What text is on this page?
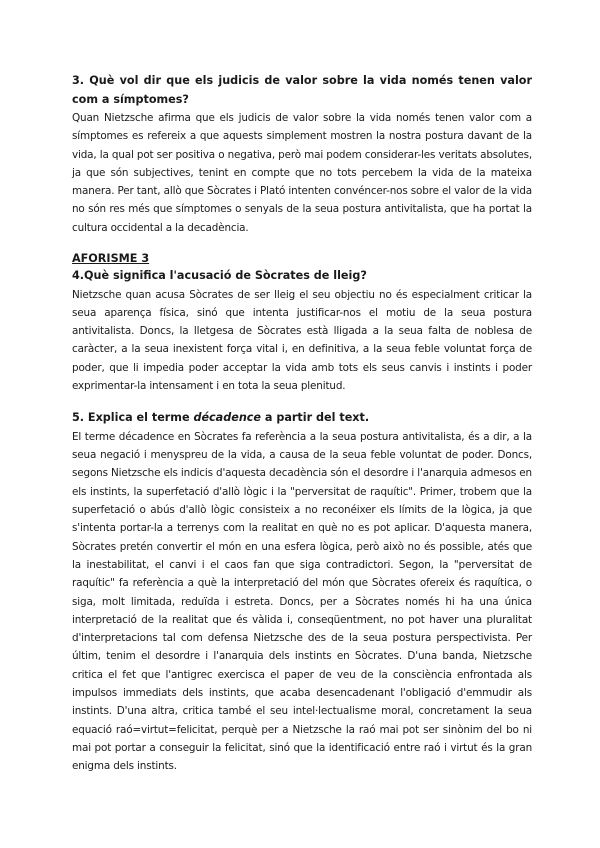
3. Què vol dir que els judicis de valor sobre la vida només tenen valor com a símptomes?

Quan Nietzsche afirma que els judicis de valor sobre la vida només tenen valor com a símptomes es refereix a que aquests simplement mostren la nostra postura davant de la vida, la qual pot ser positiva o negativa, però mai podem considerar-les veritats absolutes, ja que són subjectives, tenint en compte que no tots percebem la vida de la mateixa manera. Per tant, allò que Sòcrates i Plató intenten convéncer-nos sobre el valor de la vida no són res més que símptomes o senyals de la seua postura antivitalista, que ha portat la cultura occidental a la decadència.

AFORISME 3

4.Què significa l'acusació de Sòcrates de lleig?

Nietzsche quan acusa Sòcrates de ser lleig el seu objectiu no és especialment criticar la seua aparença física, sinó que intenta justificar-nos el motiu de la seua postura antivitalista. Doncs, la lletgesa de Sòcrates està lligada a la seua falta de noblesa de caràcter, a la seua inexistent força vital i, en definitiva, a la seua feble voluntat força de poder, que li impedia poder acceptar la vida amb tots els seus canvis i instints i poder exprimentar-la intensament i en tota la seua plenitud.

5. Explica el terme décadence a partir del text.

El terme décadence en Sòcrates fa referència a la seua postura antivitalista, és a dir, a la seua negació i menyspreu de la vida, a causa de la seua feble voluntat de poder. Doncs, segons Nietzsche els indicis d'aquesta decadència són el desordre i l'anarquia admesos en els instints, la superfetació d'allò lògic i la "perversitat de raquític". Primer, trobem que la superfetació o abús d'allò lògic consisteix a no reconéixer els límits de la lògica, ja que s'intenta portar-la a terrenys com la realitat en què no es pot aplicar. D'aquesta manera, Sòcrates pretén convertir el món en una esfera lògica, però això no és possible, atés que la inestabilitat, el canvi i el caos fan que siga contradictori. Segon, la "perversitat de raquític" fa referència a què la interpretació del món que Sòcrates ofereix és raquítica, o siga, molt limitada, reduïda i estreta. Doncs, per a Sòcrates només hi ha una única interpretació de la realitat que és vàlida i, conseqüentment, no pot haver una pluralitat d'interpretacions tal com defensa Nietzsche des de la seua postura perspectivista. Per últim, tenim el desordre i l'anarquia dels instints en Sòcrates. D'una banda, Nietzsche critica el fet que l'antigrec exercisca el paper de veu de la consciència enfrontada als impulsos immediats dels instints, que acaba desencadenant l'obligació d'emmudir als instints. D'una altra, critica també el seu intel·lectualisme moral, concretament la seua equació raó=virtut=felicitat, perquè per a Nietzsche la raó mai pot ser sinònim del bo ni mai pot portar a conseguir la felicitat, sinó que la identificació entre raó i virtut és la gran enigma dels instints.
